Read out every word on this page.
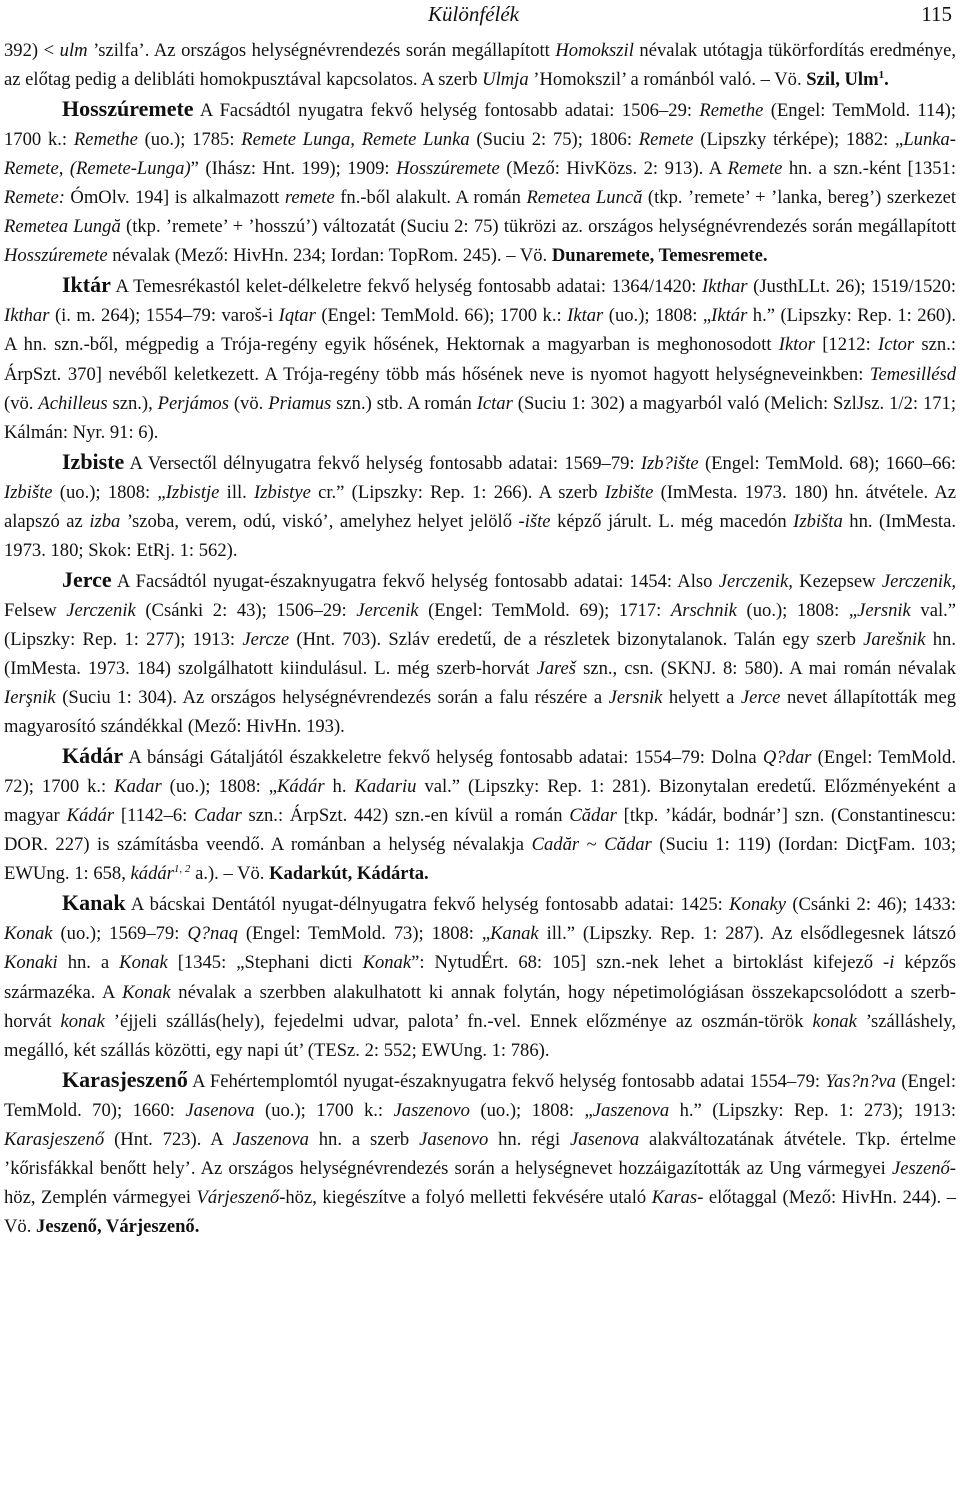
Különfélék	115

392) < ulm ’szilfa’. Az országos helységnévrendezés során megállapított Homokszil névalak utótagja tükörfordítás eredménye, az előtag pedig a delibláti homokpusztával kapcsolatos. A szerb Ulmja ’Homokszil’ a románból való. – Vö. Szil, Ulm$^1$.

Hosszúremete A Facsádtól nyugatra fekvő helység fontosabb adatai: 1506–29: Remethe (Engel: TemMold. 114); 1700 k.: Remethe (uo.); 1785: Remete Lunga, Remete Lunka (Suciu 2: 75); 1806: Remete (Lipszky térképe); 1882: „Lunka-Remete, (Remete-Lunga)” (Ihász: Hnt. 199); 1909: Hosszúremete (Mező: HivKözs. 2: 913). A Remete hn. a szn.-ként [1351: Remete: ÓmOlv. 194] is alkalmazott remete fn.-ből alakult. A román Remetea Luncă (tkp. ’remete’ + ’lanka, bereg’) szerkezet Remetea Lungă (tkp. ’remete’ + ’hosszú’) változatát (Suciu 2: 75) tükrözi az. országos helységnévrendezés során megállapított Hosszúremete névalak (Mező: HivHn. 234; Iordan: TopRom. 245). – Vö. Dunaremete, Temesremete.

Iktár A Temesrékastól kelet-délkeletre fekvő helység fontosabb adatai: 1364/1420: Ikthar (JusthLLt. 26); 1519/1520: Ikthar (i. m. 264); 1554–79: varoš-i Iqtar (Engel: TemMold. 66); 1700 k.: Iktar (uo.); 1808: „Iktár h.” (Lipszky: Rep. 1: 260). A hn. szn.-ből, mégpedig a Trója-regény egyik hősének, Hektornak a magyarban is meghonosodott Iktor [1212: Ictor szn.: ÁrpSzt. 370] nevéből keletkezett. A Trója-regény több más hősének neve is nyomot hagyott helységneveinkben: Temesillésd (vö. Achilleus szn.), Perjámos (vö. Priamus szn.) stb. A román Ictar (Suciu 1: 302) a magyarból való (Melich: SzlJsz. 1/2: 171; Kálmán: Nyr. 91: 6).

Izbiste A Versectől délnyugatra fekvő helység fontosabb adatai: 1569–79: Izb?ište (Engel: TemMold. 68); 1660–66: Izbište (uo.); 1808: „Izbistje ill. Izbistye cr.” (Lipszky: Rep. 1: 266). A szerb Izbište (ImMesta. 1973. 180) hn. átvétele. Az alapszó az izba ’szoba, verem, odú, viskó’, amelyhez helyet jelölő -ište képző járult. L. még macedón Izbišta hn. (ImMesta. 1973. 180; Skok: EtRj. 1: 562).

Jerce A Facsádtól nyugat-északnyugatra fekvő helység fontosabb adatai: 1454: Also Jerczenik, Kezepsew Jerczenik, Felsew Jerczenik (Csánki 2: 43); 1506–29: Jercenik (Engel: TemMold. 69); 1717: Arschnik (uo.); 1808: „Jersnik val.” (Lipszky: Rep. 1: 277); 1913: Jercze (Hnt. 703). Szláv eredetű, de a részletek bizonytalanok. Talán egy szerb Jarešnik hn. (ImMesta. 1973. 184) szolgálhatott kiindulásul. L. még szerb-horvát Jareš szn., csn. (SKNJ. 8: 580). A mai román névalak Ierşnik (Suciu 1: 304). Az országos helységnévrendezés során a falu részére a Jersnik helyett a Jerce nevet állapították meg magyarosító szándékkal (Mező: HivHn. 193).

Kádár A bánsági Gátaljától északkeletre fekvő helység fontosabb adatai: 1554–79: Dolna Q?dar (Engel: TemMold. 72); 1700 k.: Kadar (uo.); 1808: „Kádár h. Kadariu val.” (Lipszky: Rep. 1: 281). Bizonytalan eredetű. Előzményeként a magyar Kádár [1142–6: Cadar szn.: ÁrpSzt. 442) szn.-en kívül a román Cădar [tkp. ’kádár, bodnár’] szn. (Constantinescu: DOR. 227) is számításba veendő. A románban a helység névalakja Cadăr ~ Cădar (Suciu 1: 119) (Iordan: DicţFam. 103; EWUng. 1: 658, kádár$^{1, 2}$ a.). – Vö. Kadarkút, Kádárta.

Kanak A bácskai Dentától nyugat-délnyugatra fekvő helység fontosabb adatai: 1425: Konaky (Csánki 2: 46); 1433: Konak (uo.); 1569–79: Q?naq (Engel: TemMold. 73); 1808: „Kanak ill.” (Lipszky. Rep. 1: 287). Az elsődlegesnek látszó Konaki hn. a Konak [1345: „Stephani dicti Konak”: NytudÉrt. 68: 105] szn.-nek lehet a birtoklást kifejező -i képzős származéka. A Konak névalak a szerbben alakulhatott ki annak folytán, hogy népetimológiásan összekapcsolódott a szerb-horvát konak ’éjjeli szállás(hely), fejedelmi udvar, palota’ fn.-vel. Ennek előzménye az oszmán-török konak ’szálláshely, megálló, két szállás közötti, egy napi út’ (TESz. 2: 552; EWUng. 1: 786).

Karasjeszenő A Fehértemplomtól nyugat-északnyugatra fekvő helység fontosabb adatai 1554–79: Yas?n?va (Engel: TemMold. 70); 1660: Jasenova (uo.); 1700 k.: Jaszenovo (uo.); 1808: „Jaszenova h.” (Lipszky: Rep. 1: 273); 1913: Karasjeszenő (Hnt. 723). A Jaszenova hn. a szerb Jasenovo hn. régi Jasenova alakváltozatának átvétele. Tkp. értelme ’kőrisfákkal benőtt hely’. Az országos helységnévrendezés során a helységnevet hozzáigazították az Ung vármegyei Jeszenő-höz, Zemplén vármegyei Várjeszenő-höz, kiegészítve a folyó melletti fekvésére utaló Karas- előtaggal (Mező: HivHn. 244). – Vö. Jeszenő, Várjeszenő.
